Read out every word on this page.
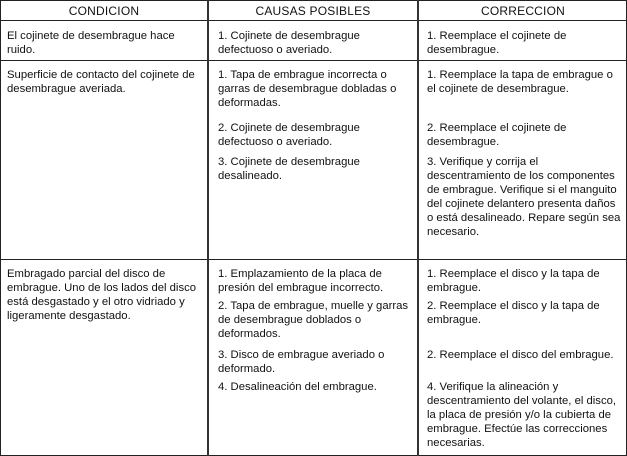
CONDICION	CAUSAS POSIBLES	CORRECCION

El cojinete de desembrague hace ruido.

1. Cojinete de desembrague defectuoso o averiado.

1. Reemplace el cojinete de desembrague.

Superficie de contacto del cojinete de desembrague averiada.

1. Tapa de embrague incorrecta o garras de desembrague dobladas o deformadas.

2. Cojinete de desembrague defectuoso o averiado.

3. Cojinete de desembrague desalineado.

1. Reemplace la tapa de embrague o el cojinete de desembrague.

2. Reemplace el cojinete de desembrague.

3. Verifique y corrija el descentramiento de los componentes de embrague. Verifique si el manguito del cojinete delantero presenta daños o está desalineado. Repare según sea necesario.

Embragado parcial del disco de embrague. Uno de los lados del disco está desgastado y el otro vidriado y ligeramente desgastado.

1. Emplazamiento de la placa de presión del embrague incorrecto.

2. Tapa de embrague, muelle y garras de desembrague doblados o deformados.

3. Disco de embrague averiado o deformado.

4. Desalineación del embrague.

1. Reemplace el disco y la tapa de embrague.

2. Reemplace el disco y la tapa de embrague.

2. Reemplace el disco del embrague.

4. Verifique la alineación y descentramiento del volante, el disco, la placa de presión y/o la cubierta de embrague. Efectúe las correcciones necesarias.
